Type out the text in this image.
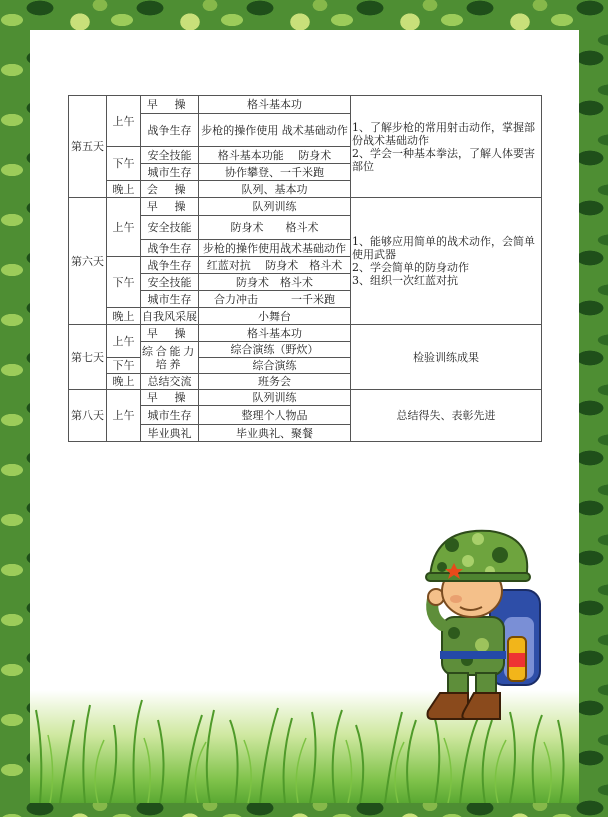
第五天	上午	早 操	格斗基本功	1、了解步枪的常用射击动作，掌握部份战术基础动作
2、学会一种基本拳法，了解人体要害部位

		战争生存	步枪的操作使用 战术基础动作	
	下午	安全技能	格斗基本功能　 防身术	
		城市生存	协作攀登、一千米跑	
	晚上	会 操	队列、基本功	
第六天	上午	早 操	队列训练	1、能够应用简单的战术动作，会简单使用武器
2、学会简单的防身动作
3、组织一次红蓝对抗

		安全技能	防身术　　格斗术	
		战争生存	步枪的操作使用战术基础动作	
	下午	战争生存	红蓝对抗　 防身术　格斗术	
		安全技能	防身术　格斗术	
		城市生存	合力冲击　　　一千米跑	
	晚上	自我风采展	小舞台	
第七天	上午	早 操	格斗基本功	检验训练成果
		综合能力培养	综合演练（野炊）	
	下午		综合演练	
	晚上	总结交流	班务会	
第八天	上午	早 操	队列训练	总结得失、表彰先进
		城市生存	整理个人物品	
		毕业典礼	毕业典礼、聚餐	
